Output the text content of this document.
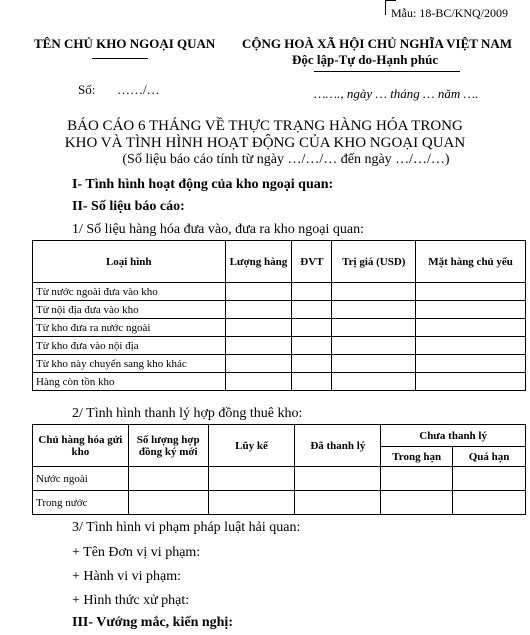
Mẫu: 18-BC/KNQ/2009
TÊN CHỦ KHO NGOẠI QUAN CỘNG HOÀ XÃ HỘI CHỦ NGHĨA VIỆT NAM
Độc lập-Tự do-Hạnh phúc
Số: ……/…	……., ngày … tháng … năm ….
BÁO CÁO 6 THÁNG VỀ THỰC TRẠNG HÀNG HÓA TRONG
KHO VÀ TÌNH HÌNH HOẠT ĐỘNG CỦA KHO NGOẠI QUAN
(Số liệu báo cáo tính từ ngày …/…/… đến ngày …/…/…)
I- Tình hình hoạt động của kho ngoại quan:
II- Số liệu báo cáo:
1/ Số liệu hàng hóa đưa vào, đưa ra kho ngoại quan:
Loại hình	Lượng hàng	ĐVT	Trị giá (USD)	Mặt hàng chủ yếu
Từ nước ngoài đưa vào kho				
Từ nội địa đưa vào kho				
Từ kho đưa ra nước ngoài				
Từ kho đưa vào nội địa				
Từ kho này chuyển sang kho khác				
Hàng còn tồn kho				
2/ Tình hình thanh lý hợp đồng thuê kho:
Chủ hàng hóa gửi kho	Số lượng hợp đồng ký mới	Lũy kế	Đã thanh lý	Chưa thanh lý	
				Trong hạn	Quá hạn
Nước ngoài					
Trong nước					
3/ Tình hình vi phạm pháp luật hải quan:
+ Tên Đơn vị vi phạm:
+ Hành vi vi phạm:
+ Hình thức xử phạt:
III- Vướng mắc, kiến nghị:
